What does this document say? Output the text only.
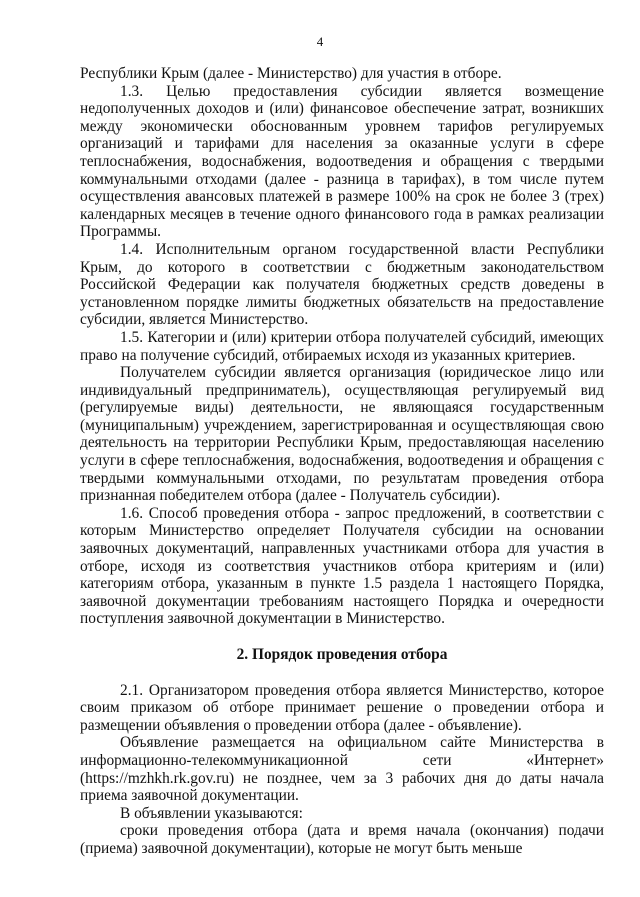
4

Республики Крым (далее - Министерство) для участия в отборе.

1.3. Целью предоставления субсидии является возмещение недополученных доходов и (или) финансовое обеспечение затрат, возникших между экономически обоснованным уровнем тарифов регулируемых организаций и тарифами для населения за оказанные услуги в сфере теплоснабжения, водоснабжения, водоотведения и обращения с твердыми коммунальными отходами (далее - разница в тарифах), в том числе путем осуществления авансовых платежей в размере 100% на срок не более 3 (трех) календарных месяцев в течение одного финансового года в рамках реализации Программы.

1.4. Исполнительным органом государственной власти Республики Крым, до которого в соответствии с бюджетным законодательством Российской Федерации как получателя бюджетных средств доведены в установленном порядке лимиты бюджетных обязательств на предоставление субсидии, является Министерство.

1.5. Категории и (или) критерии отбора получателей субсидий, имеющих право на получение субсидий, отбираемых исходя из указанных критериев.

Получателем субсидии является организация (юридическое лицо или индивидуальный предприниматель), осуществляющая регулируемый вид (регулируемые виды) деятельности, не являющаяся государственным (муниципальным) учреждением, зарегистрированная и осуществляющая свою деятельность на территории Республики Крым, предоставляющая населению услуги в сфере теплоснабжения, водоснабжения, водоотведения и обращения с твердыми коммунальными отходами, по результатам проведения отбора признанная победителем отбора (далее - Получатель субсидии).

1.6. Способ проведения отбора - запрос предложений, в соответствии с которым Министерство определяет Получателя субсидии на основании заявочных документаций, направленных участниками отбора для участия в отборе, исходя из соответствия участников отбора критериям и (или) категориям отбора, указанным в пункте 1.5 раздела 1 настоящего Порядка, заявочной документации требованиям настоящего Порядка и очередности поступления заявочной документации в Министерство.

2. Порядок проведения отбора

2.1. Организатором проведения отбора является Министерство, которое своим приказом об отборе принимает решение о проведении отбора и размещении объявления о проведении отбора (далее - объявление).

Объявление размещается на официальном сайте Министерства в информационно-телекоммуникационной сети «Интернет» (https://mzhkh.rk.gov.ru) не позднее, чем за 3 рабочих дня до даты начала приема заявочной документации.

В объявлении указываются:

сроки проведения отбора (дата и время начала (окончания) подачи (приема) заявочной документации), которые не могут быть меньше
